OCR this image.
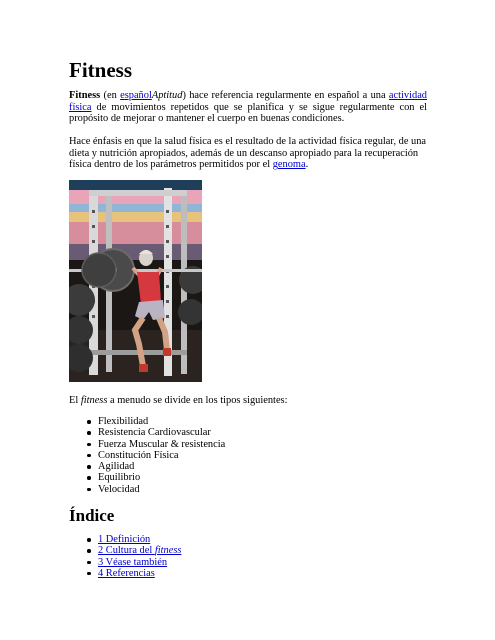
Fitness

Fitness (en españolAptitud) hace referencia regularmente en español a una actividad física de movimientos repetidos que se planifica y se sigue regularmente con el propósito de mejorar o mantener el cuerpo en buenas condiciones.

Hace énfasis en que la salud física es el resultado de la actividad física regular, de una dieta y nutrición apropiados, además de un descanso apropiado para la recuperación física dentro de los parámetros permitidos por el genoma.

El fitness a menudo se divide en los tipos siguientes:

Flexibilidad
Resistencia Cardiovascular
Fuerza Muscular & resistencia
Constitución Física
Agilidad
Equilibrio
Velocidad
Índice
1 Definición
2 Cultura del fitness
3 Véase también
4 Referencias
